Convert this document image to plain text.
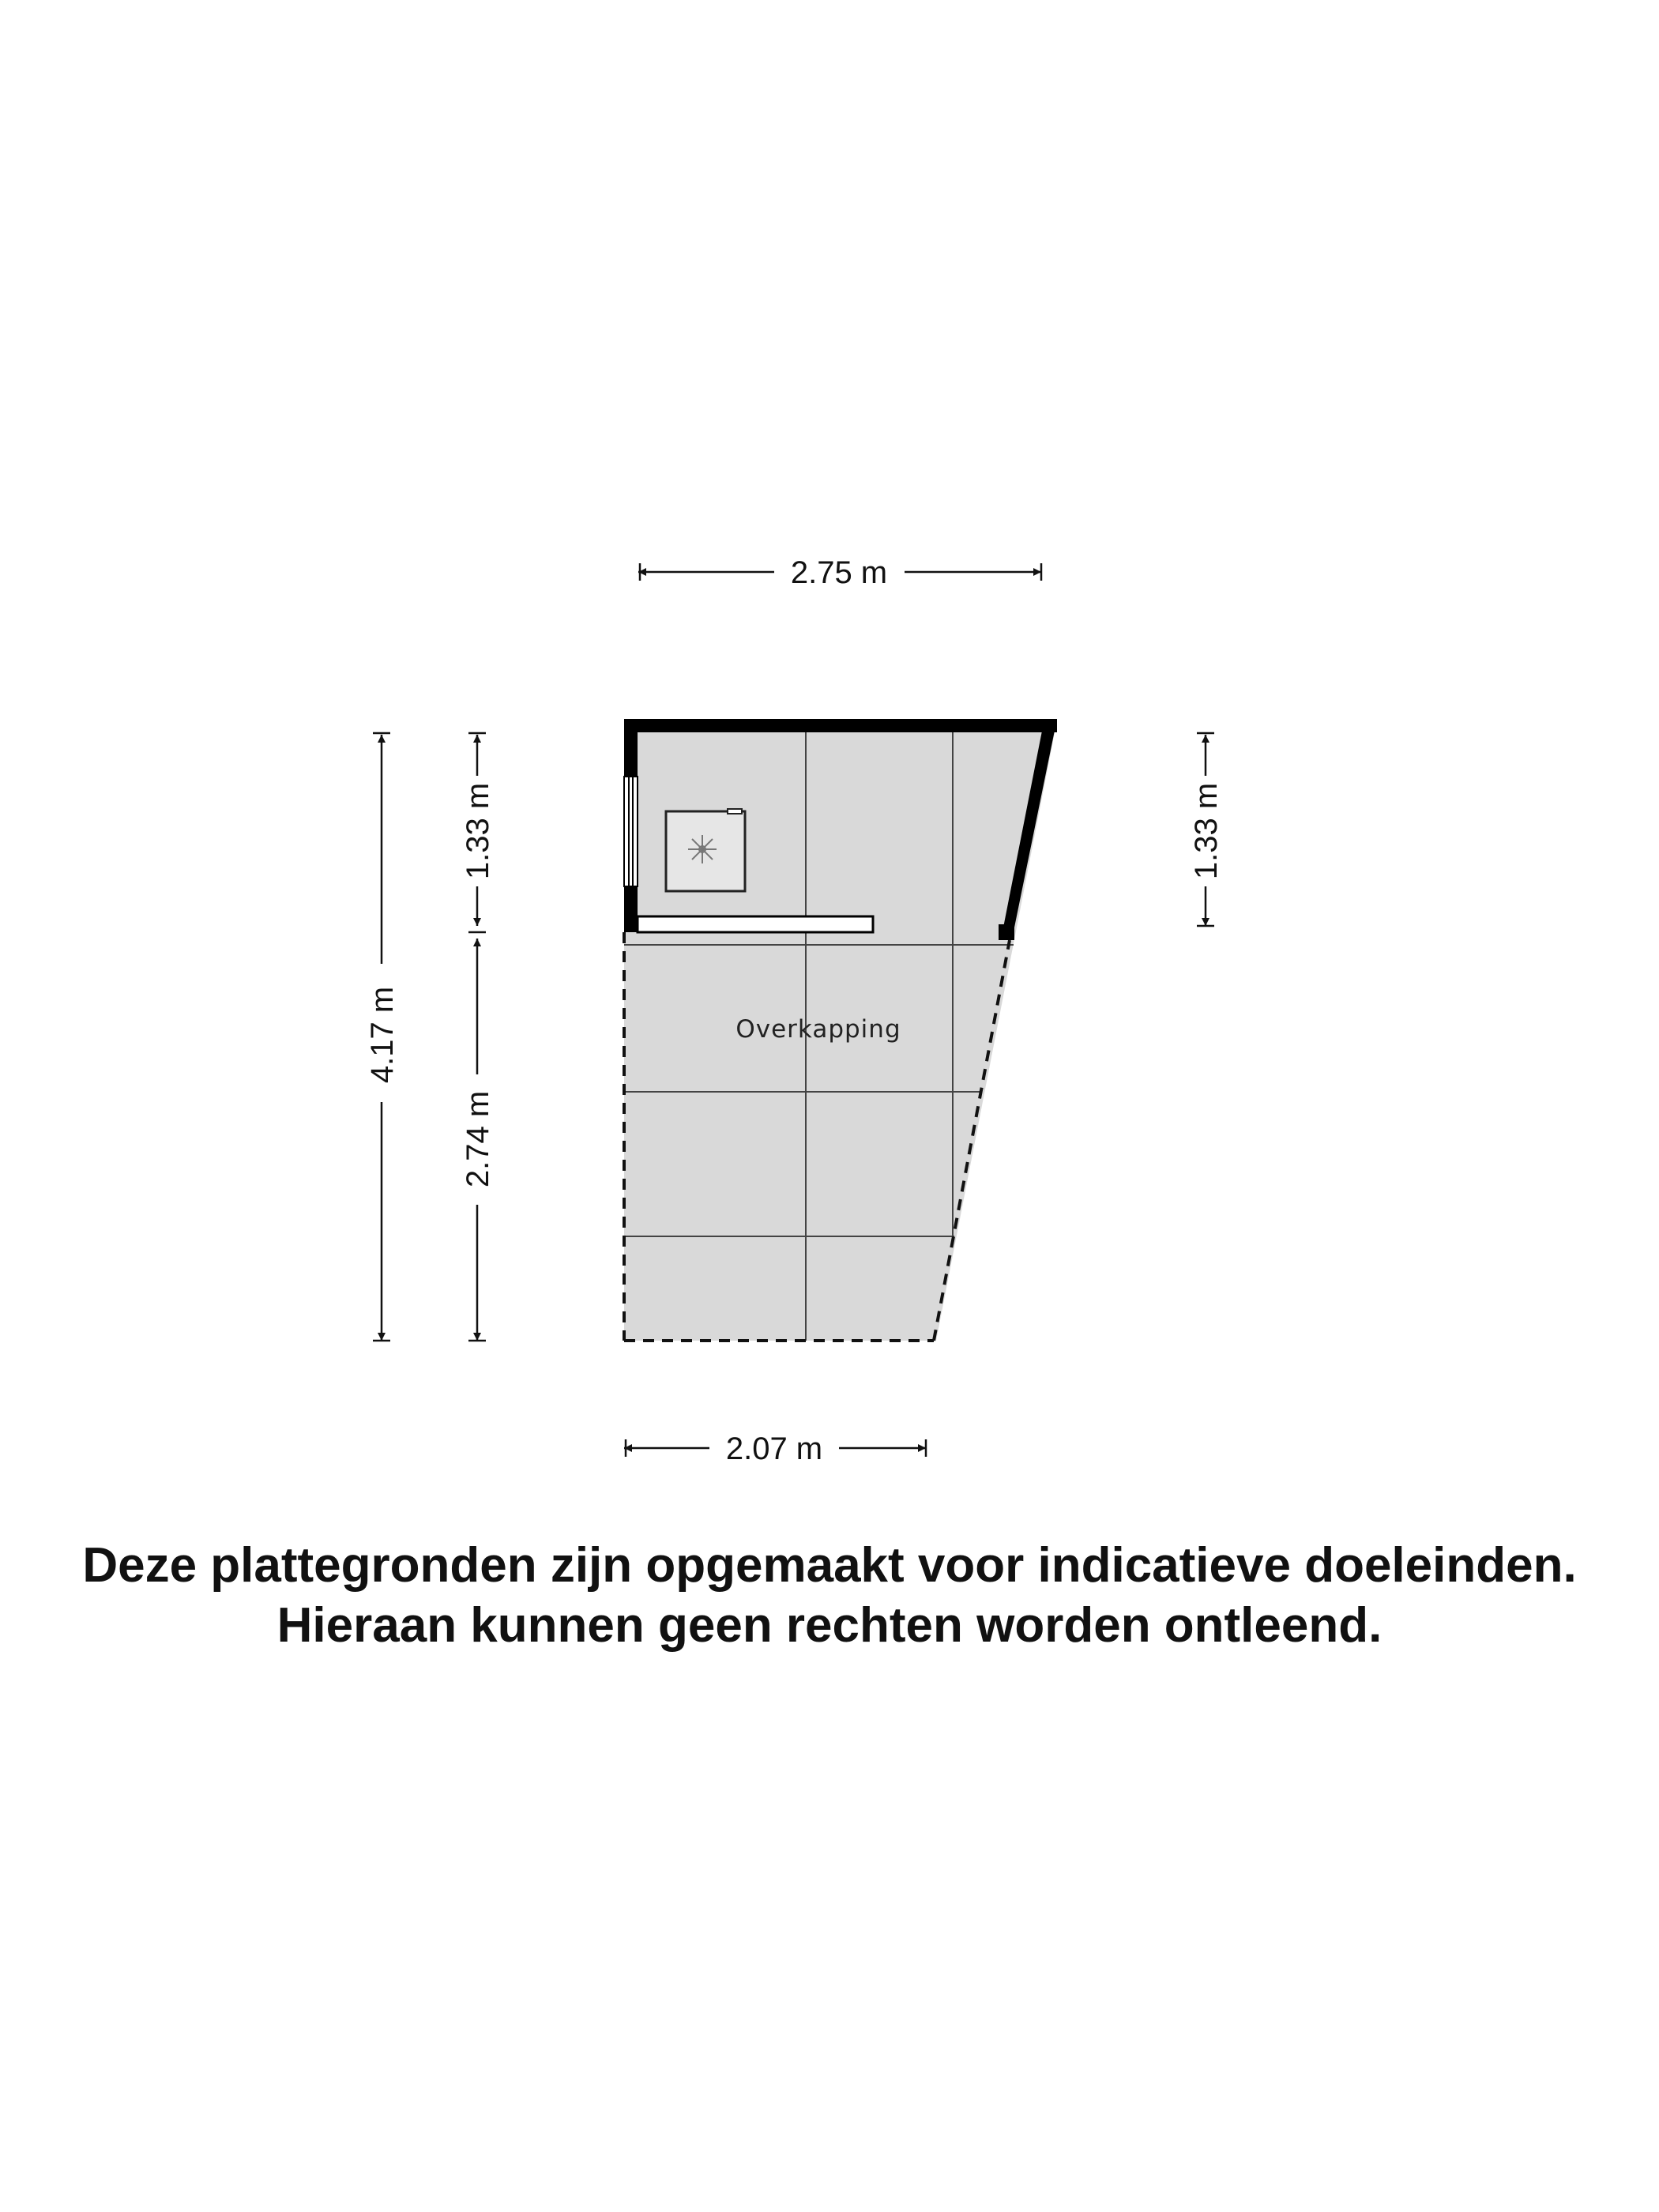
Overkapping
2.75 m
2.07 m
4.17 m
1.33 m
2.74 m
1.33 m
Deze plattegronden zijn opgemaakt voor indicatieve doeleinden.
Hieraan kunnen geen rechten worden ontleend.
